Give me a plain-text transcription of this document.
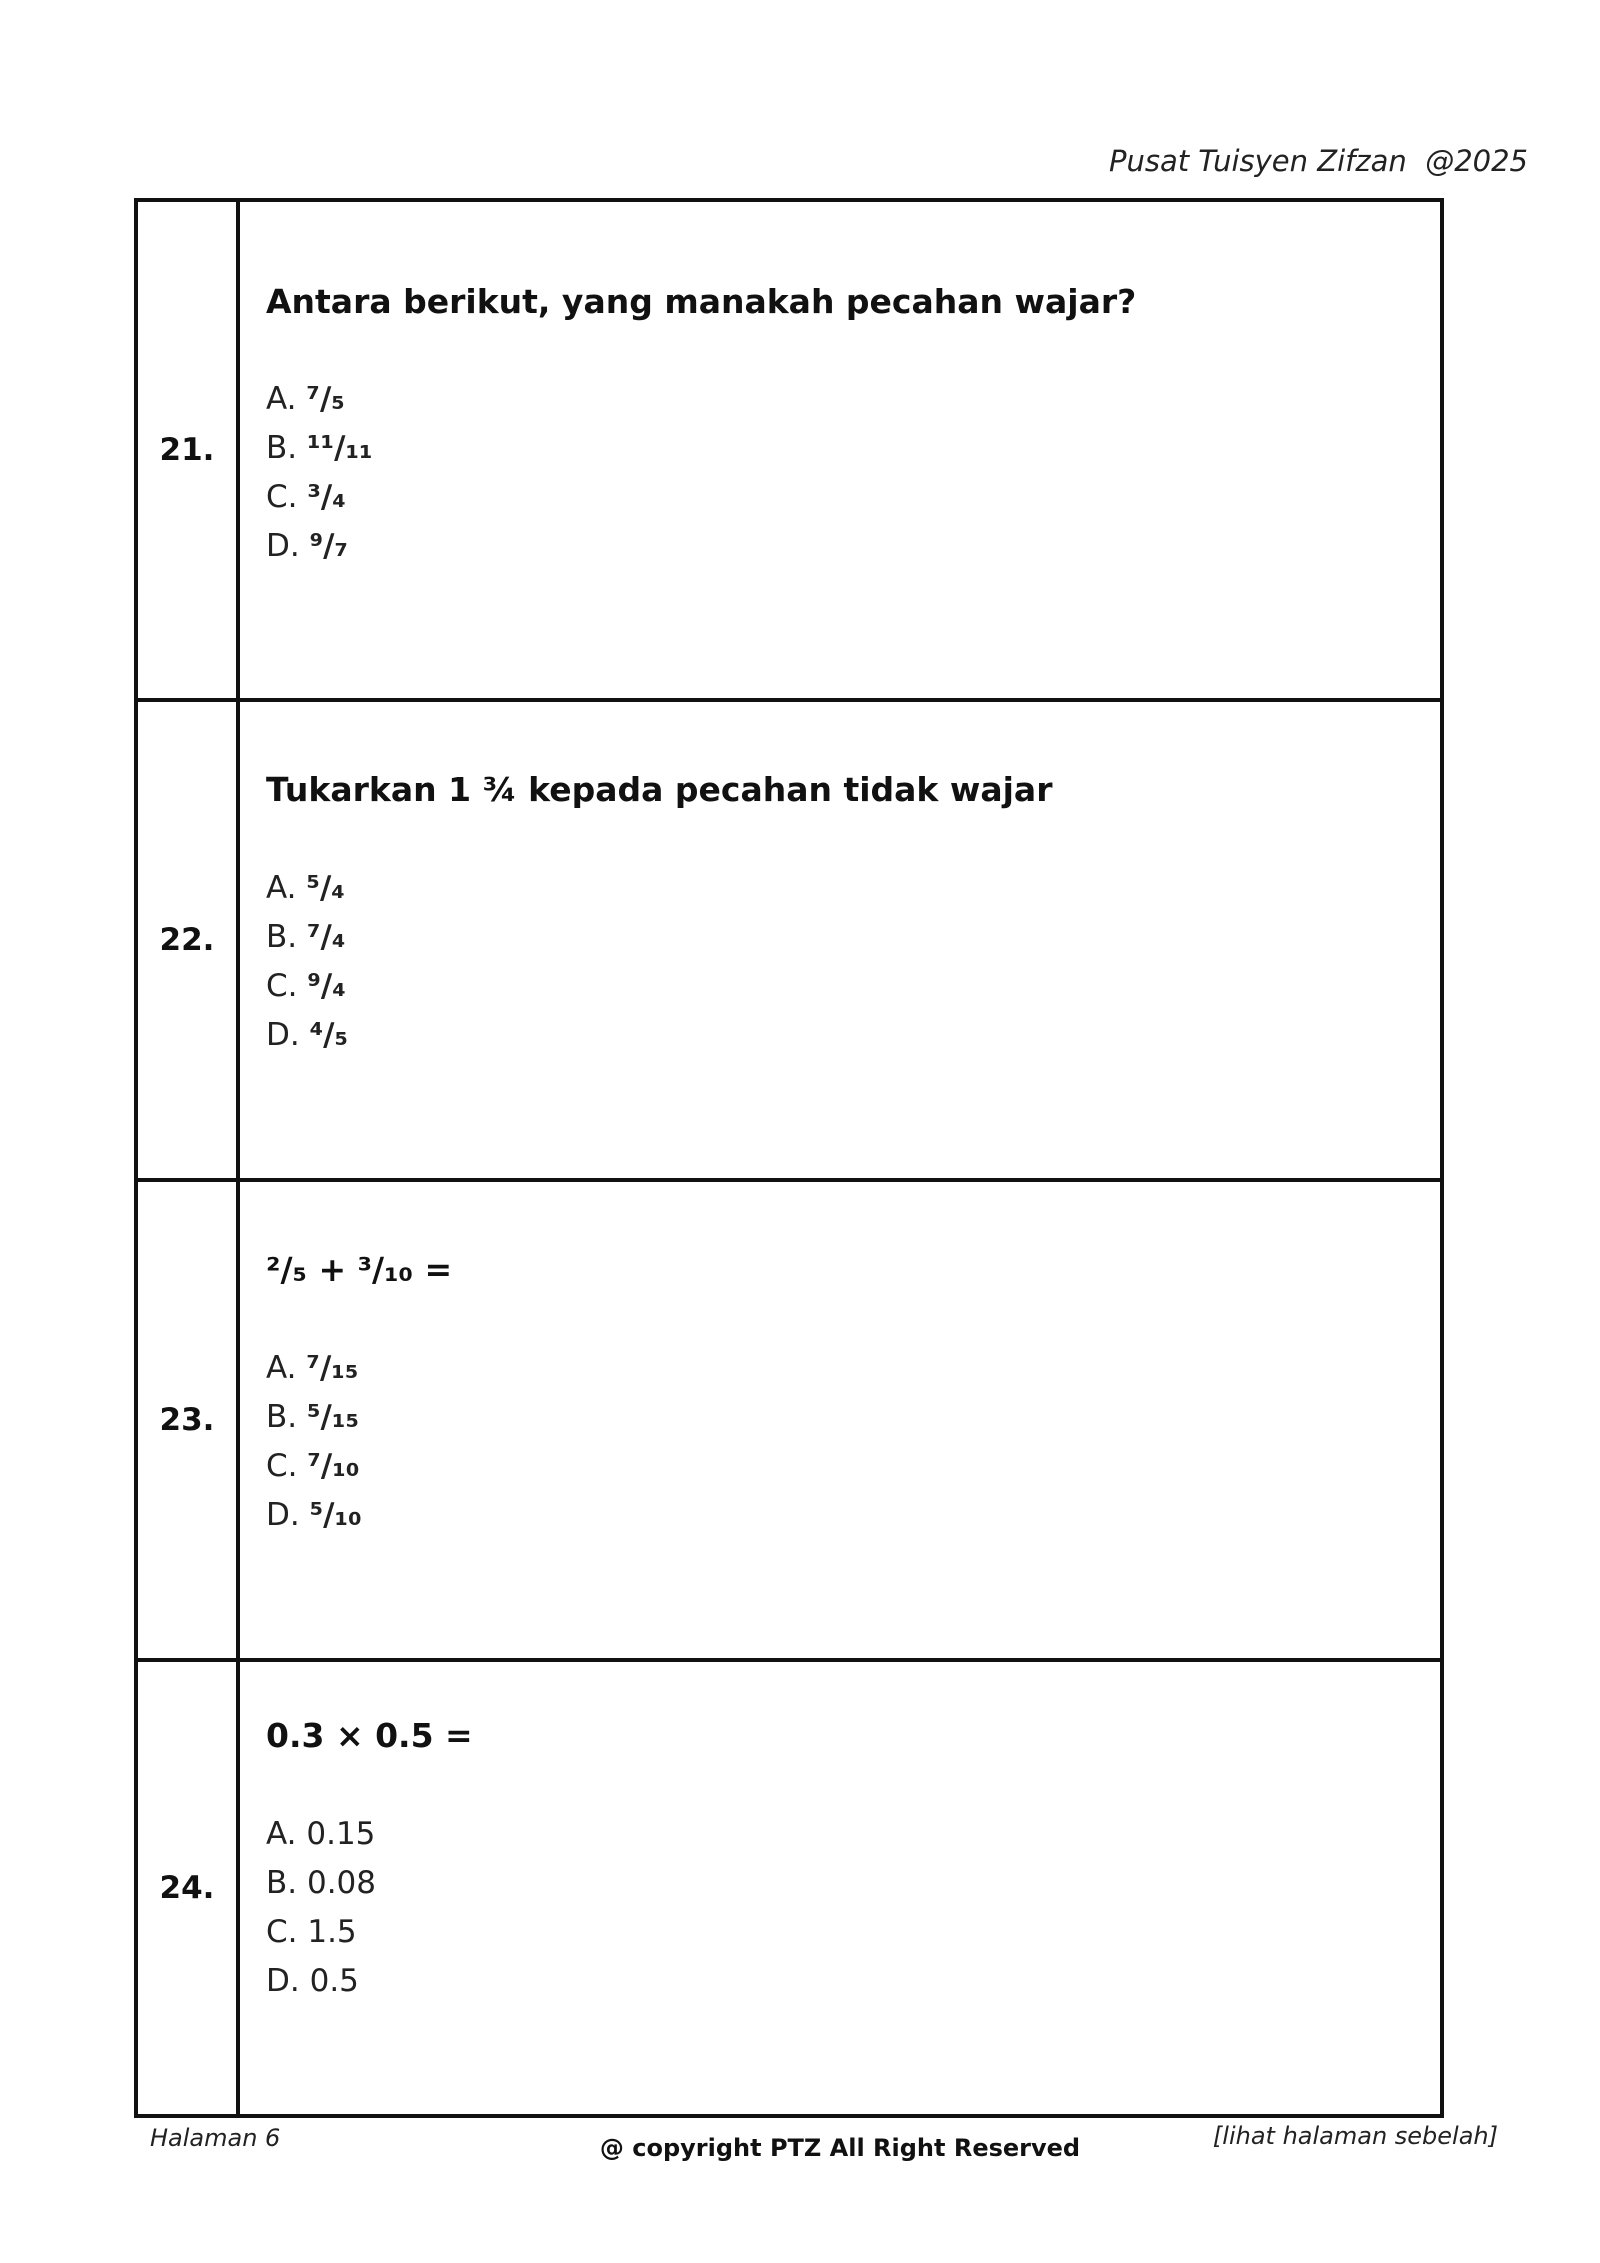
Pusat Tuisyen Zifzan  @2025
21.
Antara berikut, yang manakah pecahan wajar?
A. ⁷/₅
B. ¹¹/₁₁
C. ³/₄
D. ⁹/₇
22.
Tukarkan 1 ¾ kepada pecahan tidak wajar
A. ⁵/₄
B. ⁷/₄
C. ⁹/₄
D. ⁴/₅
23.
²/₅ + ³/₁₀ =
A. ⁷/₁₅
B. ⁵/₁₅
C. ⁷/₁₀
D. ⁵/₁₀
24.
0.3 × 0.5 =
A. 0.15
B. 0.08
C. 1.5
D. 0.5
Halaman 6	@ copyright PTZ All Right Reserved	[lihat halaman sebelah]
